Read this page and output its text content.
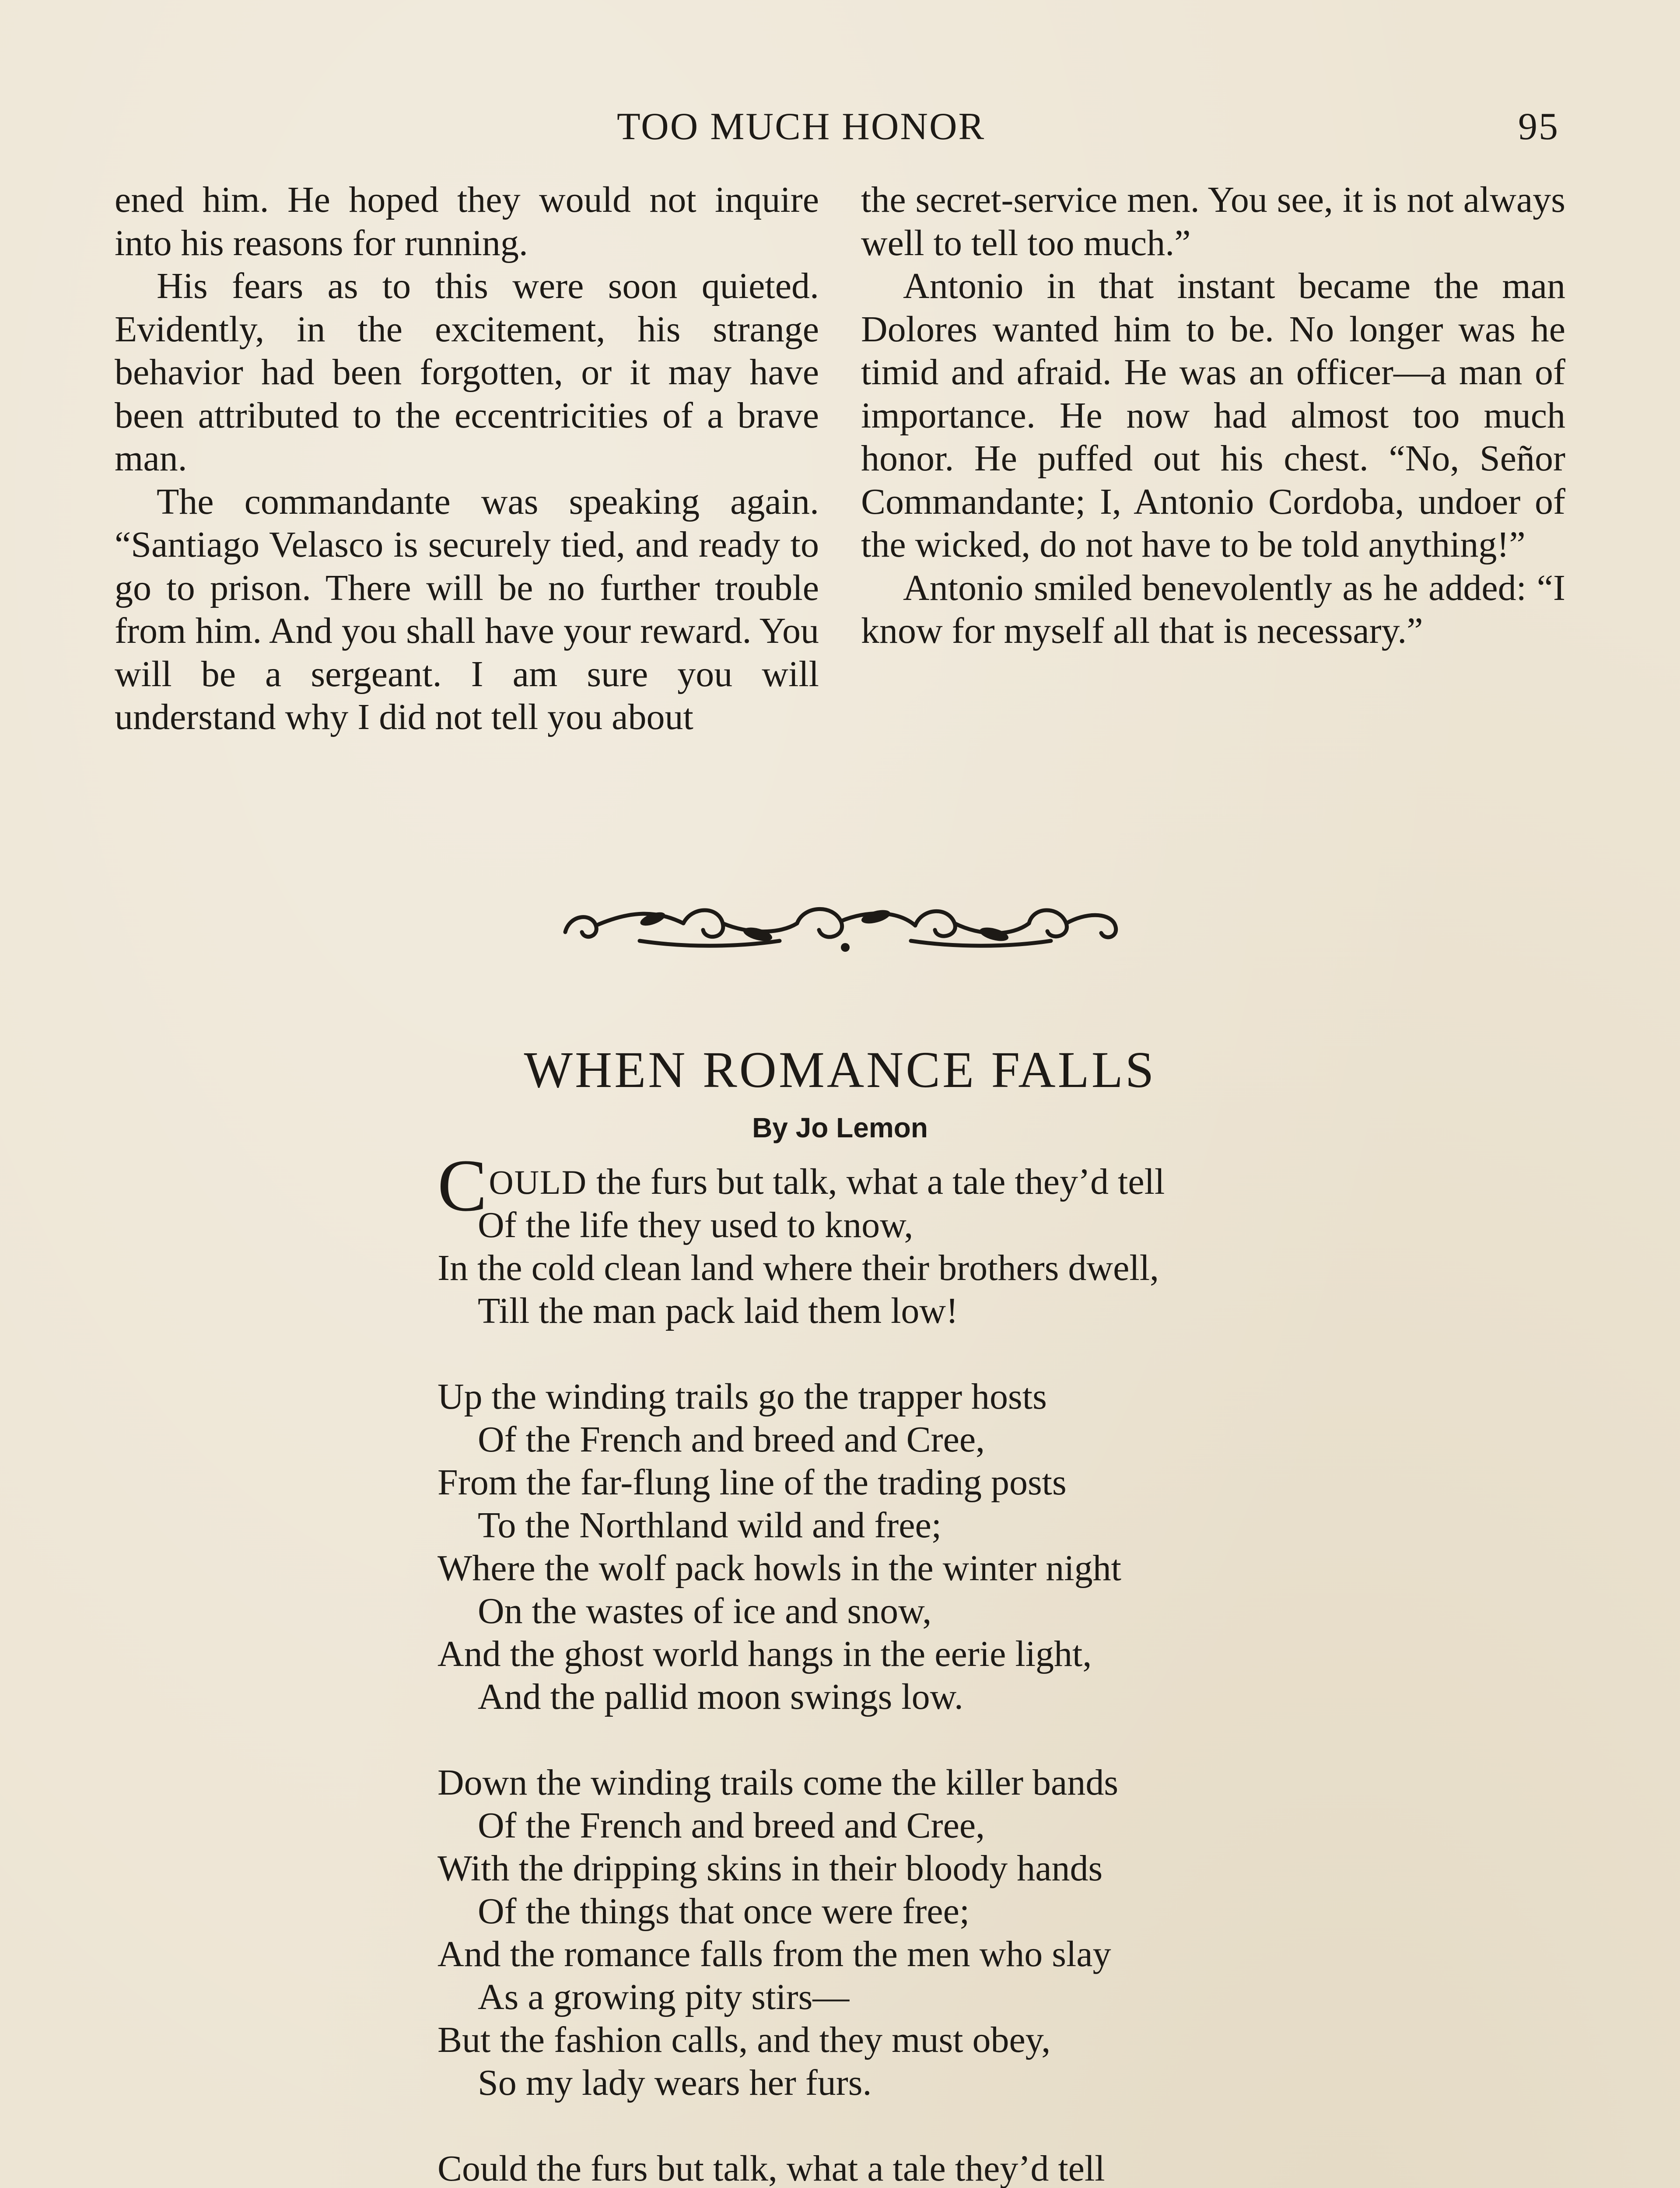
TOO MUCH HONOR	95

ened him. He hoped they would not inquire into his reasons for running.

His fears as to this were soon quieted. Evidently, in the excitement, his strange behavior had been forgotten, or it may have been attributed to the eccentricities of a brave man.

The commandante was speaking again. “Santiago Velasco is securely tied, and ready to go to prison. There will be no further trouble from him. And you shall have your reward. You will be a sergeant. I am sure you will understand why I did not tell you about

the secret-service men. You see, it is not always well to tell too much.”

Antonio in that instant became the man Dolores wanted him to be. No longer was he timid and afraid. He was an officer—a man of importance. He now had almost too much honor. He puffed out his chest. “No, Señor Commandante; I, Antonio Cordoba, undoer of the wicked, do not have to be told anything!”

Antonio smiled benevolently as he added: “I know for myself all that is necessary.”

WHEN ROMANCE FALLS
By Jo Lemon
COULD the furs but talk, what a tale they’d tell
Of the life they used to know,
In the cold clean land where their brothers dwell,
Till the man pack laid them low!
Up the winding trails go the trapper hosts
Of the French and breed and Cree,
From the far-flung line of the trading posts
To the Northland wild and free;
Where the wolf pack howls in the winter night
On the wastes of ice and snow,
And the ghost world hangs in the eerie light,
And the pallid moon swings low.
Down the winding trails come the killer bands
Of the French and breed and Cree,
With the dripping skins in their bloody hands
Of the things that once were free;
And the romance falls from the men who slay
As a growing pity stirs—
But the fashion calls, and they must obey,
So my lady wears her furs.
Could the furs but talk, what a tale they’d tell
